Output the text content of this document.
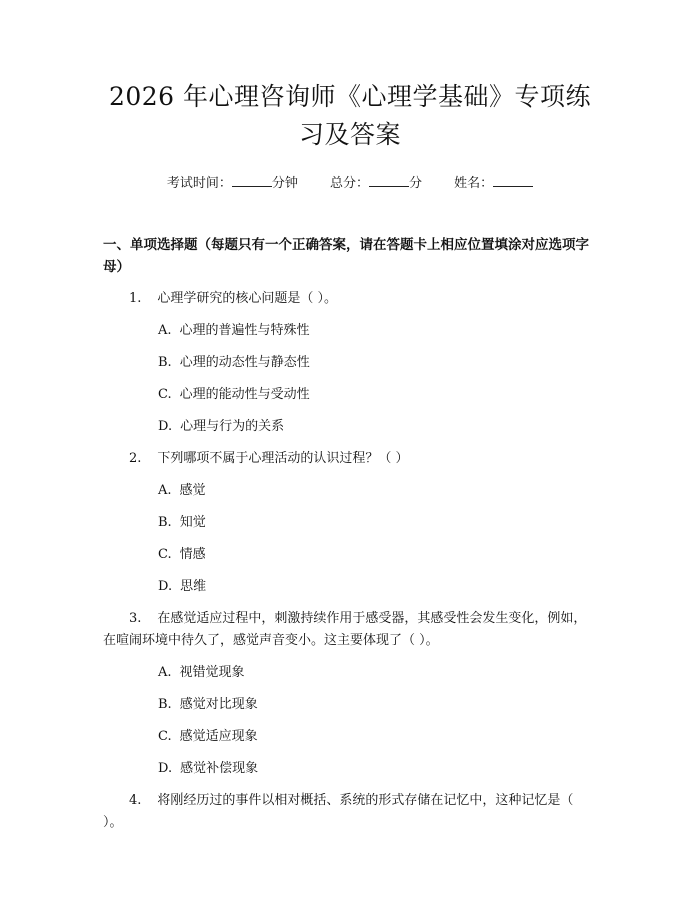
2026 年心理咨询师《心理学基础》专项练习及答案
考试时间：	分钟 总分：	分 姓名：
一、单项选择题（每题只有一个正确答案，请在答题卡上相应位置填涂对应选项字母）
1. 心理学研究的核心问题是（ ）。
A. 心理的普遍性与特殊性
B. 心理的动态性与静态性
C. 心理的能动性与受动性
D. 心理与行为的关系
2. 下列哪项不属于心理活动的认识过程？（ ）
A. 感觉
B. 知觉
C. 情感
D. 思维
3. 在感觉适应过程中，刺激持续作用于感受器，其感受性会发生变化，例如，在喧闹环境中待久了，感觉声音变小。这主要体现了（ ）。
A. 视错觉现象
B. 感觉对比现象
C. 感觉适应现象
D. 感觉补偿现象
4. 将刚经历过的事件以相对概括、系统的形式存储在记忆中，这种记忆是（ ）。
